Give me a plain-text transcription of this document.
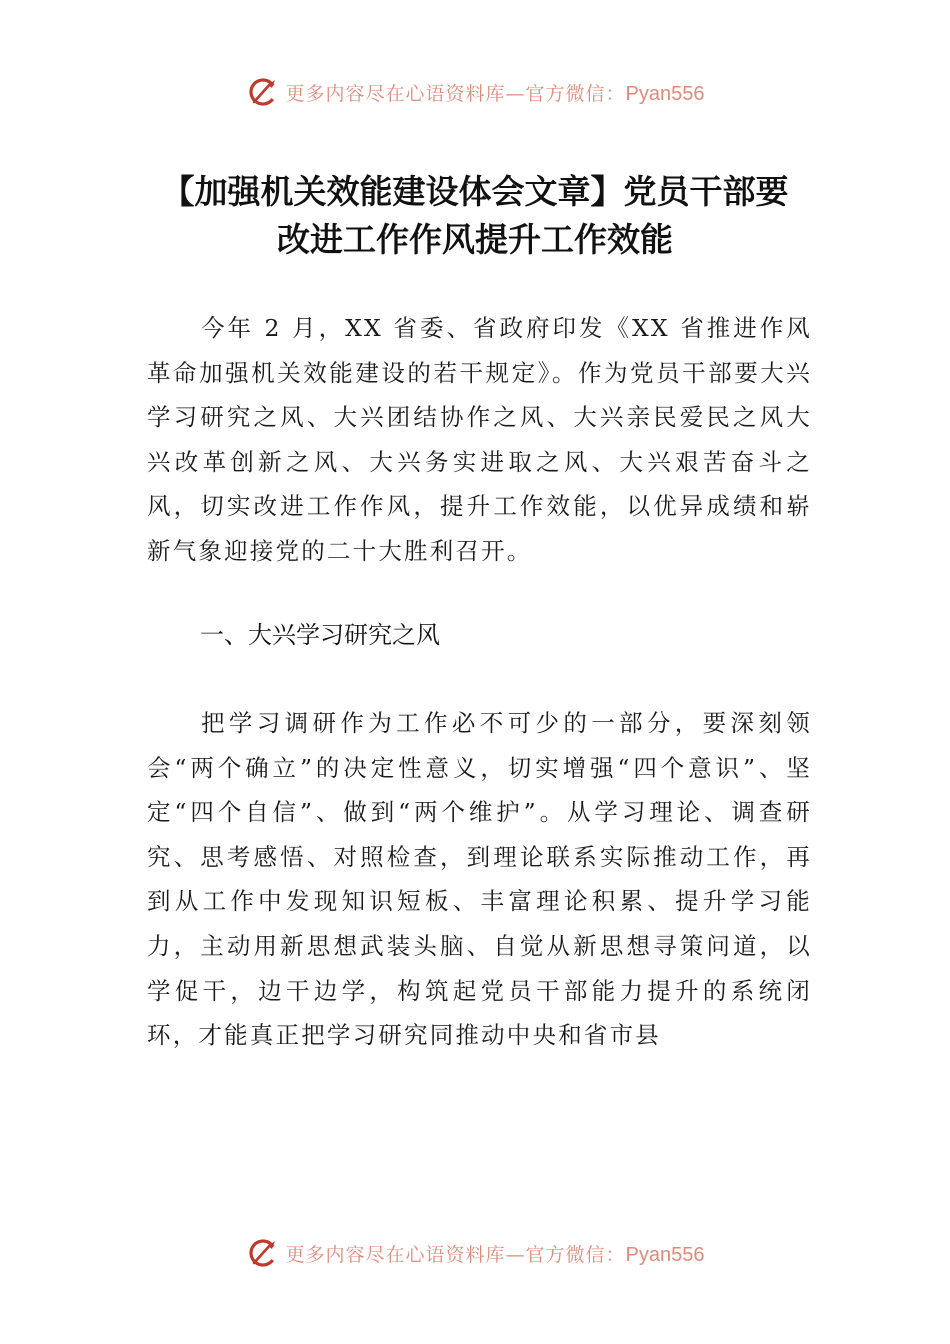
更多内容尽在心语资料库—官方微信：Pyan556
【加强机关效能建设体会文章】党员干部要
改进工作作风提升工作效能

今年 2 月，XX 省委、省政府印发《XX 省推进作风革命加强机关效能建设的若干规定》。作为党员干部要大兴学习研究之风、大兴团结协作之风、大兴亲民爱民之风大兴改革创新之风、大兴务实进取之风、大兴艰苦奋斗之风，切实改进工作作风，提升工作效能，以优异成绩和崭新气象迎接党的二十大胜利召开。

一、大兴学习研究之风

把学习调研作为工作必不可少的一部分，要深刻领会“两个确立”的决定性意义，切实增强“四个意识”、坚定“四个自信”、做到“两个维护”。从学习理论、调查研究、思考感悟、对照检查，到理论联系实际推动工作，再到从工作中发现知识短板、丰富理论积累、提升学习能力，主动用新思想武装头脑、自觉从新思想寻策问道，以学促干，边干边学，构筑起党员干部能力提升的系统闭环，才能真正把学习研究同推动中央和省市县

更多内容尽在心语资料库—官方微信：Pyan556
